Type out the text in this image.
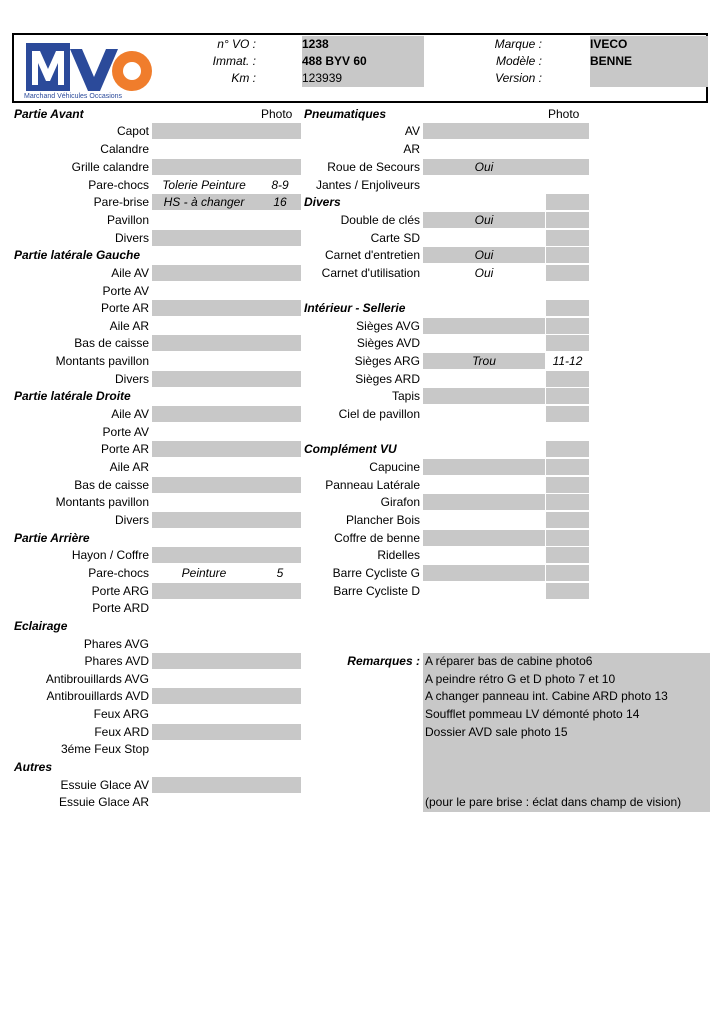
Marchand Véhicules Occasions
n° VO :	1238
Immat. :	488 BYV 60
Km :	123939
Marque :	IVECO
Modèle :	BENNE
Version :
Partie Avant	Photo
Capot
Calandre
Grille calandre
Pare-chocs	Tolerie Peinture	8-9
Pare-brise	HS - à changer	16
Pavillon
Divers
Partie latérale Gauche
Aile AV
Porte AV
Porte AR
Aile AR
Bas de caisse
Montants pavillon
Divers
Partie latérale Droite
Aile AV
Porte AV
Porte AR
Aile AR
Bas de caisse
Montants pavillon
Divers
Partie Arrière
Hayon / Coffre
Pare-chocs	Peinture	5
Porte ARG
Porte ARD
Eclairage
Phares AVG
Phares AVD
Antibrouillards AVG
Antibrouillards AVD
Feux ARG
Feux ARD
3éme Feux Stop
Autres
Essuie Glace AV
Essuie Glace AR
Pneumatiques	Photo
AV
AR
Roue de Secours	Oui
Jantes / Enjoliveurs
Divers
Double de clés	Oui
Carte SD
Carnet d'entretien	Oui
Carnet d'utilisation	Oui
Intérieur - Sellerie
Sièges AVG
Sièges AVD
Sièges ARG	Trou	11-12
Sièges ARD
Tapis
Ciel de pavillon
Complément VU
Capucine
Panneau Latérale
Girafon
Plancher Bois
Coffre de benne
Ridelles
Barre Cycliste G
Barre Cycliste D
Remarques : A réparer bas de cabine photo6
A peindre rétro G et D photo 7 et 10
A changer panneau int. Cabine ARD photo 13
Soufflet pommeau LV démonté photo 14
Dossier AVD sale photo 15
(pour le pare brise : éclat dans champ de vision)
